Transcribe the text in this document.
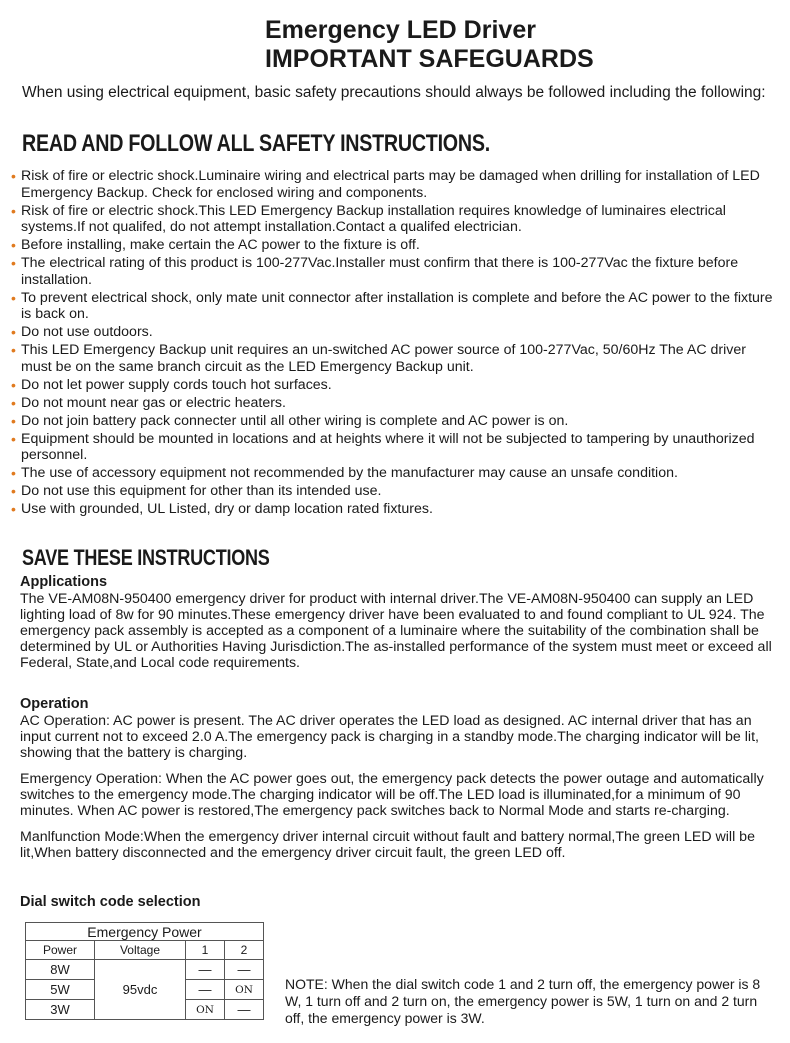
Emergency LED Driver
IMPORTANT SAFEGUARDS
When using electrical equipment, basic safety precautions should always be followed including the following:
READ AND FOLLOW ALL SAFETY INSTRUCTIONS.
• Risk of fire or electric shock.Luminaire wiring and electrical parts may be damaged when drilling for installation of LED Emergency Backup. Check for enclosed wiring and components.
• Risk of fire or electric shock.This LED Emergency Backup installation requires knowledge of luminaires electrical systems.If not qualifed, do not attempt installation.Contact a qualifed electrician.
• Before installing, make certain the AC power to the fixture is off.
• The electrical rating of this product is 100-277Vac.Installer must confirm that there is 100-277Vac the fixture before installation.
• To prevent electrical shock, only mate unit connector after installation is complete and before the AC power to the fixture is back on.
• Do not use outdoors.
• This LED Emergency Backup unit requires an un-switched AC power source of 100-277Vac, 50/60Hz The AC driver must be on the same branch circuit as the LED Emergency Backup unit.
• Do not let power supply cords touch hot surfaces.
• Do not mount near gas or electric heaters.
• Do not join battery pack connecter until all other wiring is complete and AC power is on.
• Equipment should be mounted in locations and at heights where it will not be subjected to tampering by unauthorized personnel.
• The use of accessory equipment not recommended by the manufacturer may cause an unsafe condition.
• Do not use this equipment for other than its intended use.
• Use with grounded, UL Listed, dry or damp location rated fixtures.
SAVE THESE INSTRUCTIONS
Applications

The VE-AM08N-950400 emergency driver for product with internal driver.The VE-AM08N-950400 can supply an LED lighting load of 8w for 90 minutes.These emergency driver have been evaluated to and found compliant to UL 924. The emergency pack assembly is accepted as a component of a luminaire where the suitability of the combination shall be determined by UL or Authorities Having Jurisdiction.The as-installed performance of the system must meet or exceed all Federal, State,and Local code requirements.

Operation

AC Operation: AC power is present. The AC driver operates the LED load as designed. AC internal driver that has an input current not to exceed 2.0 A.The emergency pack is charging in a standby mode.The charging indicator will be lit, showing that the battery is charging.

Emergency Operation: When the AC power goes out, the emergency pack detects the power outage and automatically switches to the emergency mode.The charging indicator will be off.The LED load is illuminated,for a minimum of 90 minutes. When AC power is restored,The emergency pack switches back to Normal Mode and starts re-charging.

Manlfunction Mode:When the emergency driver internal circuit without fault and battery normal,The green LED will be lit,When battery disconnected and the emergency driver circuit fault, the green LED off.

Dial switch code selection
Emergency Power			
Power	Voltage	1	2
8W	95vdc	—	—
5W		—	ON
3W		ON	—
NOTE: When the dial switch code 1 and 2 turn off, the emergency power is 8 W, 1 turn off and 2 turn on, the emergency power is 5W, 1 turn on and 2 turn off, the emergency power is 3W.
